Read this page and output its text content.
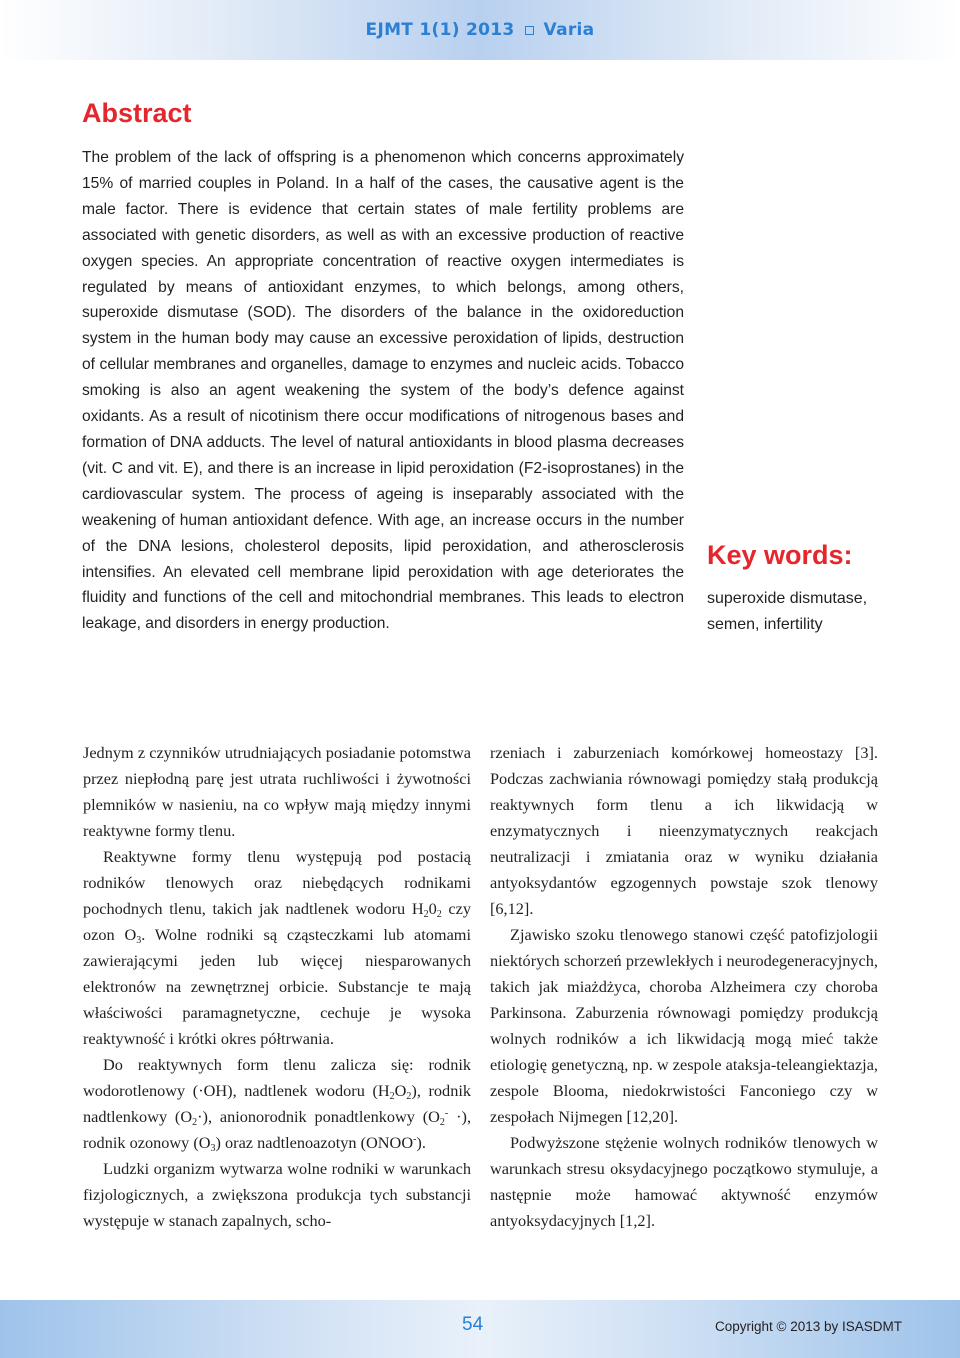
EJMT 1(1) 2013 Varia
Abstract

The problem of the lack of offspring is a phenomenon which concerns approximately 15% of married couples in Poland. In a half of the cases, the causative agent is the male factor. There is evidence that certain states of male fertility problems are associated with genetic disorders, as well as with an excessive production of reactive oxygen species. An appropriate concentration of reactive oxygen intermediates is regulated by means of antioxidant enzymes, to which belongs, among others, superoxide dismutase (SOD). The disorders of the balance in the oxidoreduction system in the human body may cause an excessive peroxidation of lipids, destruction of cellular membranes and organelles, damage to enzymes and nucleic acids. Tobacco smoking is also an agent weakening the system of the body’s defence against oxidants. As a result of nicotinism there occur modifications of nitrogenous bases and formation of DNA adducts. The level of natural antioxidants in blood plasma decreases (vit. C and vit. E), and there is an increase in lipid peroxidation (F2-isoprostanes) in the cardiovascular system. The process of ageing is inseparably associated with the weakening of human antioxidant defence. With age, an increase occurs in the number of the DNA lesions, cholesterol deposits, lipid peroxidation, and atherosclerosis intensifies. An elevated cell membrane lipid peroxidation with age deteriorates the fluidity and functions of the cell and mitochondrial membranes. This leads to electron leakage, and disorders in energy production.

Key words:

superoxide dismutase, semen, infertility

Jednym z czynników utrudniających posiadanie potomstwa przez niepłodną parę jest utrata ruchliwości i żywotności plemników w nasieniu, na co wpływ mają między innymi reaktywne formy tlenu.

Reaktywne formy tlenu występują pod postacią rodników tlenowych oraz niebędących rodnikami pochodnych tlenu, takich jak nadtlenek wodoru $H_20_2$ czy ozon $O_3$. Wolne rodniki są cząsteczkami lub atomami zawierającymi jeden lub więcej niesparowanych elektronów na zewnętrznej orbicie. Substancje te mają właściwości paramagnetyczne, cechuje je wysoka reaktywność i krótki okres półtrwania.

Do reaktywnych form tlenu zalicza się: rodnik wodorotlenowy (·OH), nadtlenek wodoru $(H_2O_2)$, rodnik nadtlenkowy $(O_2\cdot)$, anionorodnik ponadtlenkowy ($O_2^-$ ·), rodnik ozonowy $(O_3)$ oraz nadtlenoazotyn (ONOO-).

Ludzki organizm wytwarza wolne rodniki w warunkach fizjologicznych, a zwiększona produkcja tych substancji występuje w stanach zapalnych, scho-

rzeniach i zaburzeniach komórkowej homeostazy [3]. Podczas zachwiania równowagi pomiędzy stałą produkcją reaktywnych form tlenu a ich likwidacją w enzymatycznych i nieenzymatycznych reakcjach neutralizacji i zmiatania oraz w wyniku działania antyoksydantów egzogennych powstaje szok tlenowy [6,12].

Zjawisko szoku tlenowego stanowi część patofizjologii niektórych schorzeń przewlekłych i neurodegeneracyjnych, takich jak miażdżyca, choroba Alzheimera czy choroba Parkinsona. Zaburzenia równowagi pomiędzy produkcją wolnych rodników a ich likwidacją mogą mieć także etiologię genetyczną, np. w zespole ataksja-teleangiektazja, zespole Blooma, niedokrwistości Fanconiego czy w zespołach Nijmegen [12,20].

Podwyższone stężenie wolnych rodników tlenowych w warunkach stresu oksydacyjnego początkowo stymuluje, a następnie może hamować aktywność enzymów antyoksydacyjnych [1,2].

54	Copyright © 2013 by ISASDMT
